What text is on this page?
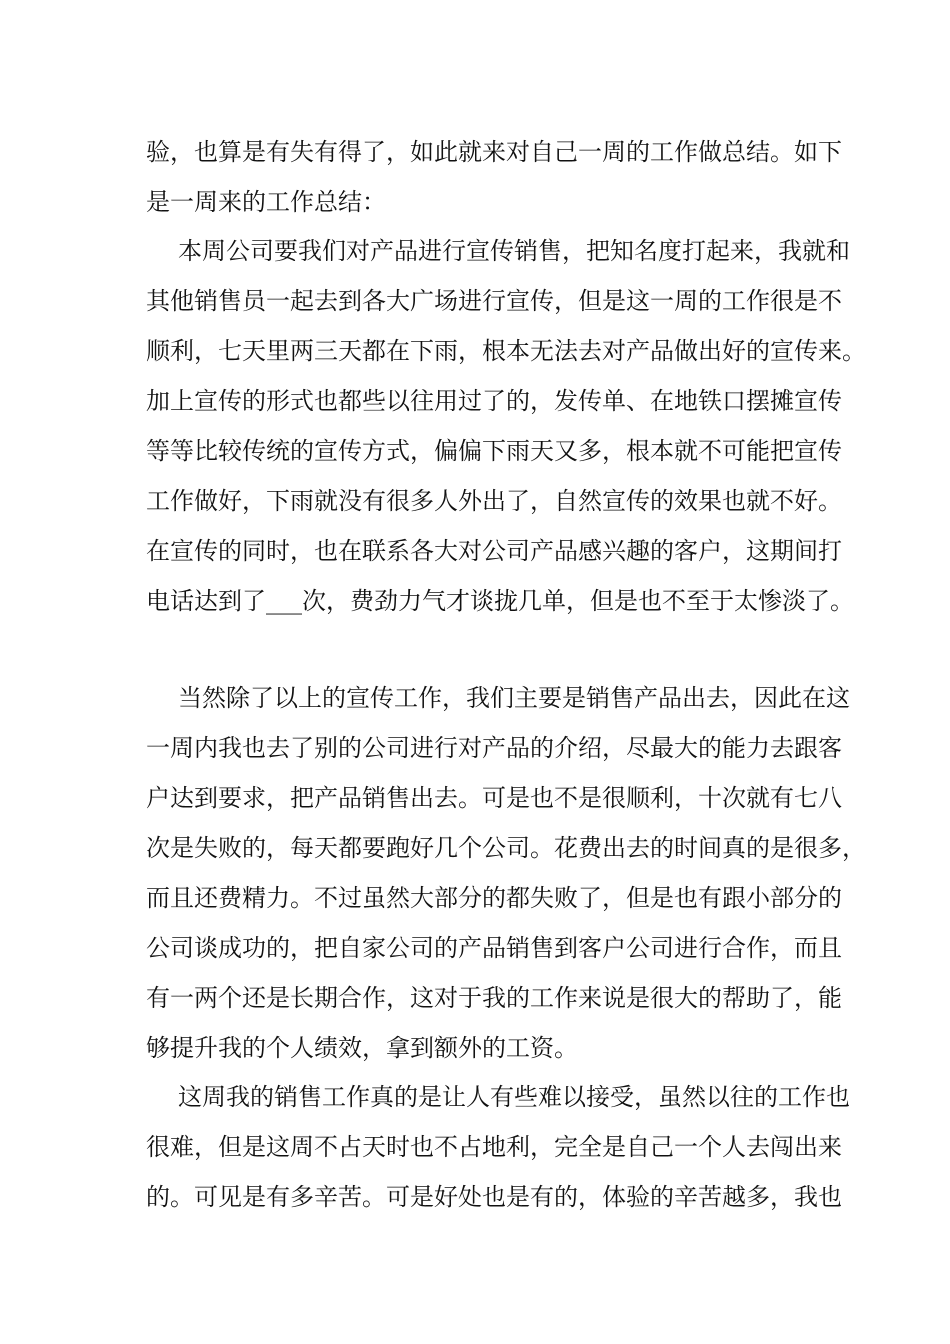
验，也算是有失有得了，如此就来对自己一周的工作做总结。如下
是一周来的工作总结：
本周公司要我们对产品进行宣传销售，把知名度打起来，我就和
其他销售员一起去到各大广场进行宣传，但是这一周的工作很是不
顺利，七天里两三天都在下雨，根本无法去对产品做出好的宣传来。
加上宣传的形式也都些以往用过了的，发传单、在地铁口摆摊宣传
等等比较传统的宣传方式，偏偏下雨天又多，根本就不可能把宣传
工作做好，下雨就没有很多人外出了，自然宣传的效果也就不好。
在宣传的同时，也在联系各大对公司产品感兴趣的客户，这期间打
电话达到了___次，费劲力气才谈拢几单，但是也不至于太惨淡了。
当然除了以上的宣传工作，我们主要是销售产品出去，因此在这
一周内我也去了别的公司进行对产品的介绍，尽最大的能力去跟客
户达到要求，把产品销售出去。可是也不是很顺利，十次就有七八
次是失败的，每天都要跑好几个公司。花费出去的时间真的是很多，
而且还费精力。不过虽然大部分的都失败了，但是也有跟小部分的
公司谈成功的，把自家公司的产品销售到客户公司进行合作，而且
有一两个还是长期合作，这对于我的工作来说是很大的帮助了，能
够提升我的个人绩效，拿到额外的工资。
这周我的销售工作真的是让人有些难以接受，虽然以往的工作也
很难，但是这周不占天时也不占地利，完全是自己一个人去闯出来
的。可见是有多辛苦。可是好处也是有的，体验的辛苦越多，我也
